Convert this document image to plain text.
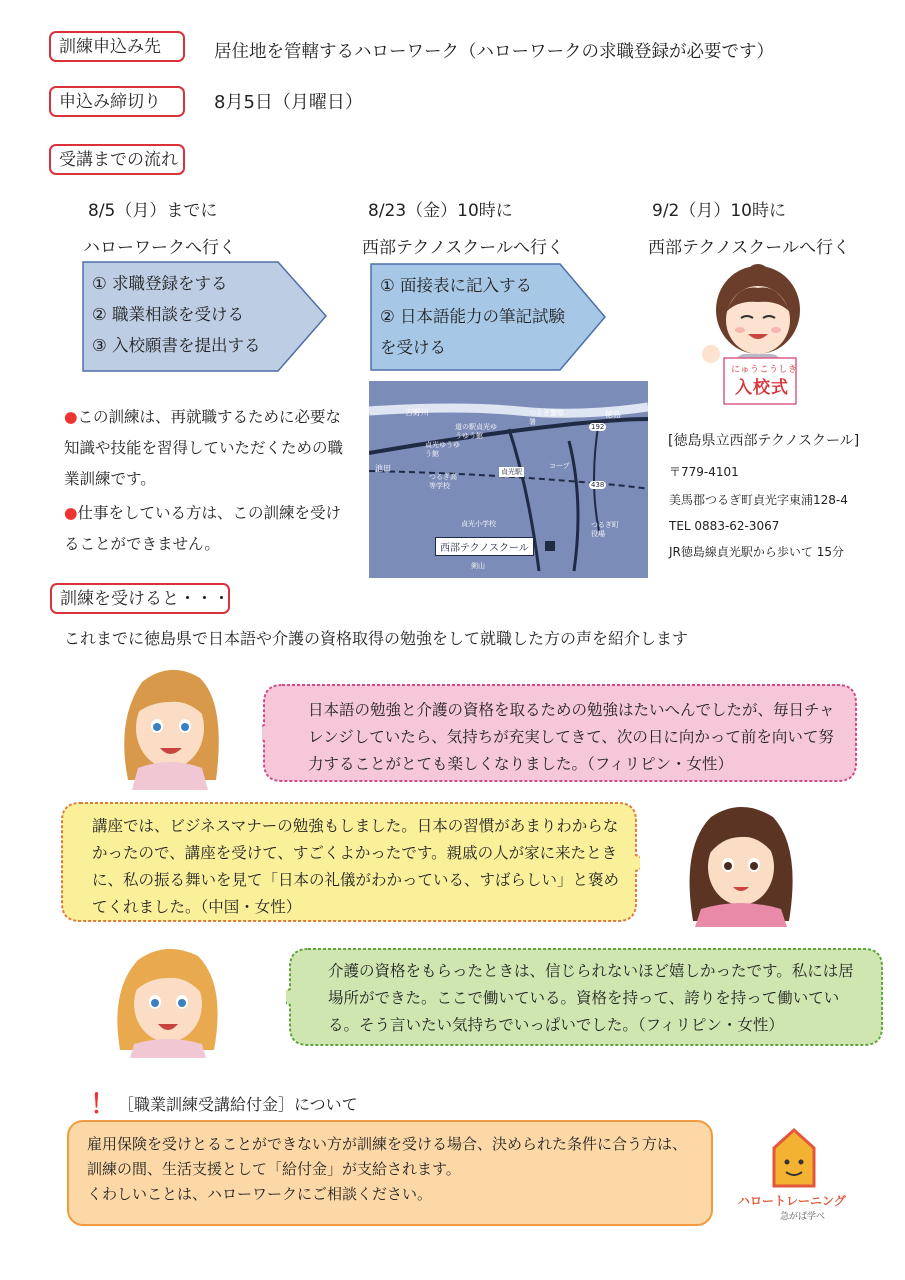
訓練申込み先	居住地を管轄するハローワーク（ハローワークの求職登録が必要です）
申込み締切り	8月5日（月曜日）
受講までの流れ
8/5（月）までに
ハローワークへ行く
8/23（金）10時に
西部テクノスクールへ行く
9/2（月）10時に
西部テクノスクールへ行く
① 求職登録をする
② 職業相談を受ける
③ 入校願書を提出する
① 面接表に記入する
② 日本語能力の筆記試験
を受ける
にゅうこうしき
入校式
●この訓練は、再就職するために必要な知識や技能を習得していただくための職業訓練です。
●仕事をしている方は、この訓練を受けることができません。
吉野川
道の駅貞光ゆうゆう館
つるぎ警察署
徳島
貞光ゆうゆう館
池田
つるぎ高等学校
貞光駅
コープ
貞光小学校	つるぎ町役場
剣山
西部テクノスクール
192
438
[徳島県立西部テクノスクール]
〒779-4101
美馬郡つるぎ町貞光字東浦128-4
TEL 0883-62-3067
JR徳島線貞光駅から歩いて 15分
訓練を受けると・・・
これまでに徳島県で日本語や介護の資格取得の勉強をして就職した方の声を紹介します
日本語の勉強と介護の資格を取るための勉強はたいへんでしたが、毎日チャレンジしていたら、気持ちが充実してきて、次の日に向かって前を向いて努力することがとても楽しくなりました。（フィリピン・女性）
講座では、ビジネスマナーの勉強もしました。日本の習慣があまりわからなかったので、講座を受けて、すごくよかったです。親戚の人が家に来たときに、私の振る舞いを見て「日本の礼儀がわかっている、すばらしい」と褒めてくれました。（中国・女性）
介護の資格をもらったときは、信じられないほど嬉しかったです。私には居場所ができた。ここで働いている。資格を持って、誇りを持って働いている。そう言いたい気持ちでいっぱいでした。（フィリピン・女性）
！ ［職業訓練受講給付金］について
雇用保険を受けとることができない方が訓練を受ける場合、決められた条件に合う方は、
訓練の間、生活支援として「給付金」が支給されます。
くわしいことは、ハローワークにご相談ください。	ハロートレーニング
急がば学べ
